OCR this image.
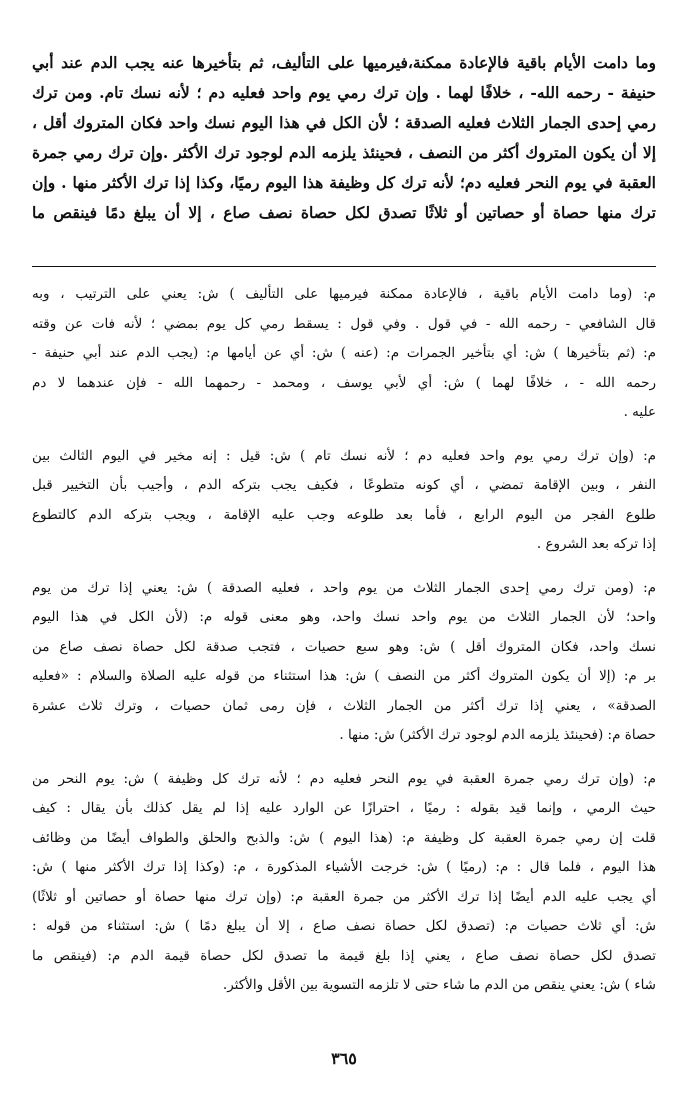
وما دامت الأيام باقية فالإعادة ممكنة،فيرميها على التأليف، ثم بتأخيرها عنه يجب الدم عند أبي
حنيفة - رحمه الله- ، خلافًا لهما . وإن ترك رمي يوم واحد فعليه دم ؛ لأنه نسك تام. ومن ترك
رمي إحدى الجمار الثلاث فعليه الصدقة ؛ لأن الكل في هذا اليوم نسك واحد فكان المتروك أقل ،
إلا أن يكون المتروك أكثر من النصف ، فحينئذ يلزمه الدم لوجود ترك الأكثر .وإن ترك رمي جمرة
العقبة في يوم النحر فعليه دم؛ لأنه ترك كل وظيفة هذا اليوم رميًا، وكذا إذا ترك الأكثر منها . وإن
ترك منها حصاة أو حصاتين أو ثلاثًا تصدق لكل حصاة نصف صاع ، إلا أن يبلغ دمًا فينقص ما
م: (وما دامت الأيام باقية ، فالإعادة ممكنة فيرميها على التأليف ) ش: يعني على الترتيب ، وبه
قال الشافعي - رحمه الله - في قول . وفي قول : يسقط رمي كل يوم بمضي ؛ لأنه فات عن وقته
م: (ثم بتأخيرها ) ش: أي بتأخير الجمرات م: (عنه ) ش: أي عن أيامها م: (يجب الدم عند أبي حنيفة -
رحمه الله - ، خلافًا لهما ) ش: أي لأبي يوسف ، ومحمد - رحمهما الله - فإن عندهما لا دم
عليه .
م: (وإن ترك رمي يوم واحد فعليه دم ؛ لأنه نسك تام ) ش: قيل : إنه مخير في اليوم الثالث بين
النفر ، وبين الإقامة تمضي ، أي كونه متطوعًا ، فكيف يجب بتركه الدم ، وأجيب بأن التخيير قبل
طلوع الفجر من اليوم الرابع ، فأما بعد طلوعه وجب عليه الإقامة ، ويجب بتركه الدم كالتطوع
إذا تركه بعد الشروع .
م: (ومن ترك رمي إحدى الجمار الثلاث من يوم واحد ، فعليه الصدقة ) ش: يعني إذا ترك من يوم
واحد؛ لأن الجمار الثلاث من يوم واحد نسك واحد، وهو معنى قوله م: (لأن الكل في هذا اليوم
نسك واحد، فكان المتروك أقل ) ش: وهو سبع حصيات ، فتجب صدقة لكل حصاة نصف صاع من
بر م: (إلا أن يكون المتروك أكثر من النصف ) ش: هذا استثناء من قوله عليه الصلاة والسلام : «فعليه
الصدقة» ، يعني إذا ترك أكثر من الجمار الثلاث ، فإن رمى ثمان حصيات ، وترك ثلاث عشرة
حصاة م: (فحينئذ يلزمه الدم لوجود ترك الأكثر) ش: منها .
م: (وإن ترك رمي جمرة العقبة في يوم النحر فعليه دم ؛ لأنه ترك كل وظيفة ) ش: يوم النحر من
حيث الرمي ، وإنما قيد بقوله : رميًا ، احترازًا عن الوارد عليه إذا لم يقل كذلك بأن يقال : كيف
قلت إن رمي جمرة العقبة كل وظيفة م: (هذا اليوم ) ش: والذبح والحلق والطواف أيضًا من وظائف
هذا اليوم ، فلما قال : م: (رميًا ) ش: خرجت الأشياء المذكورة ، م: (وكذا إذا ترك الأكثر منها ) ش:
أي يجب عليه الدم أيضًا إذا ترك الأكثر من جمرة العقبة م: (وإن ترك منها حصاة أو حصاتين أو ثلاثًا)
ش: أي ثلاث حصيات م: (تصدق لكل حصاة نصف صاع ، إلا أن يبلغ دمًا ) ش: استثناء من قوله :
تصدق لكل حصاة نصف صاع ، يعني إذا بلغ قيمة ما تصدق لكل حصاة قيمة الدم م: (فينقص ما
شاء ) ش: يعني ينقص من الدم ما شاء حتى لا تلزمه التسوية بين الأقل والأكثر.
٣٦٥
